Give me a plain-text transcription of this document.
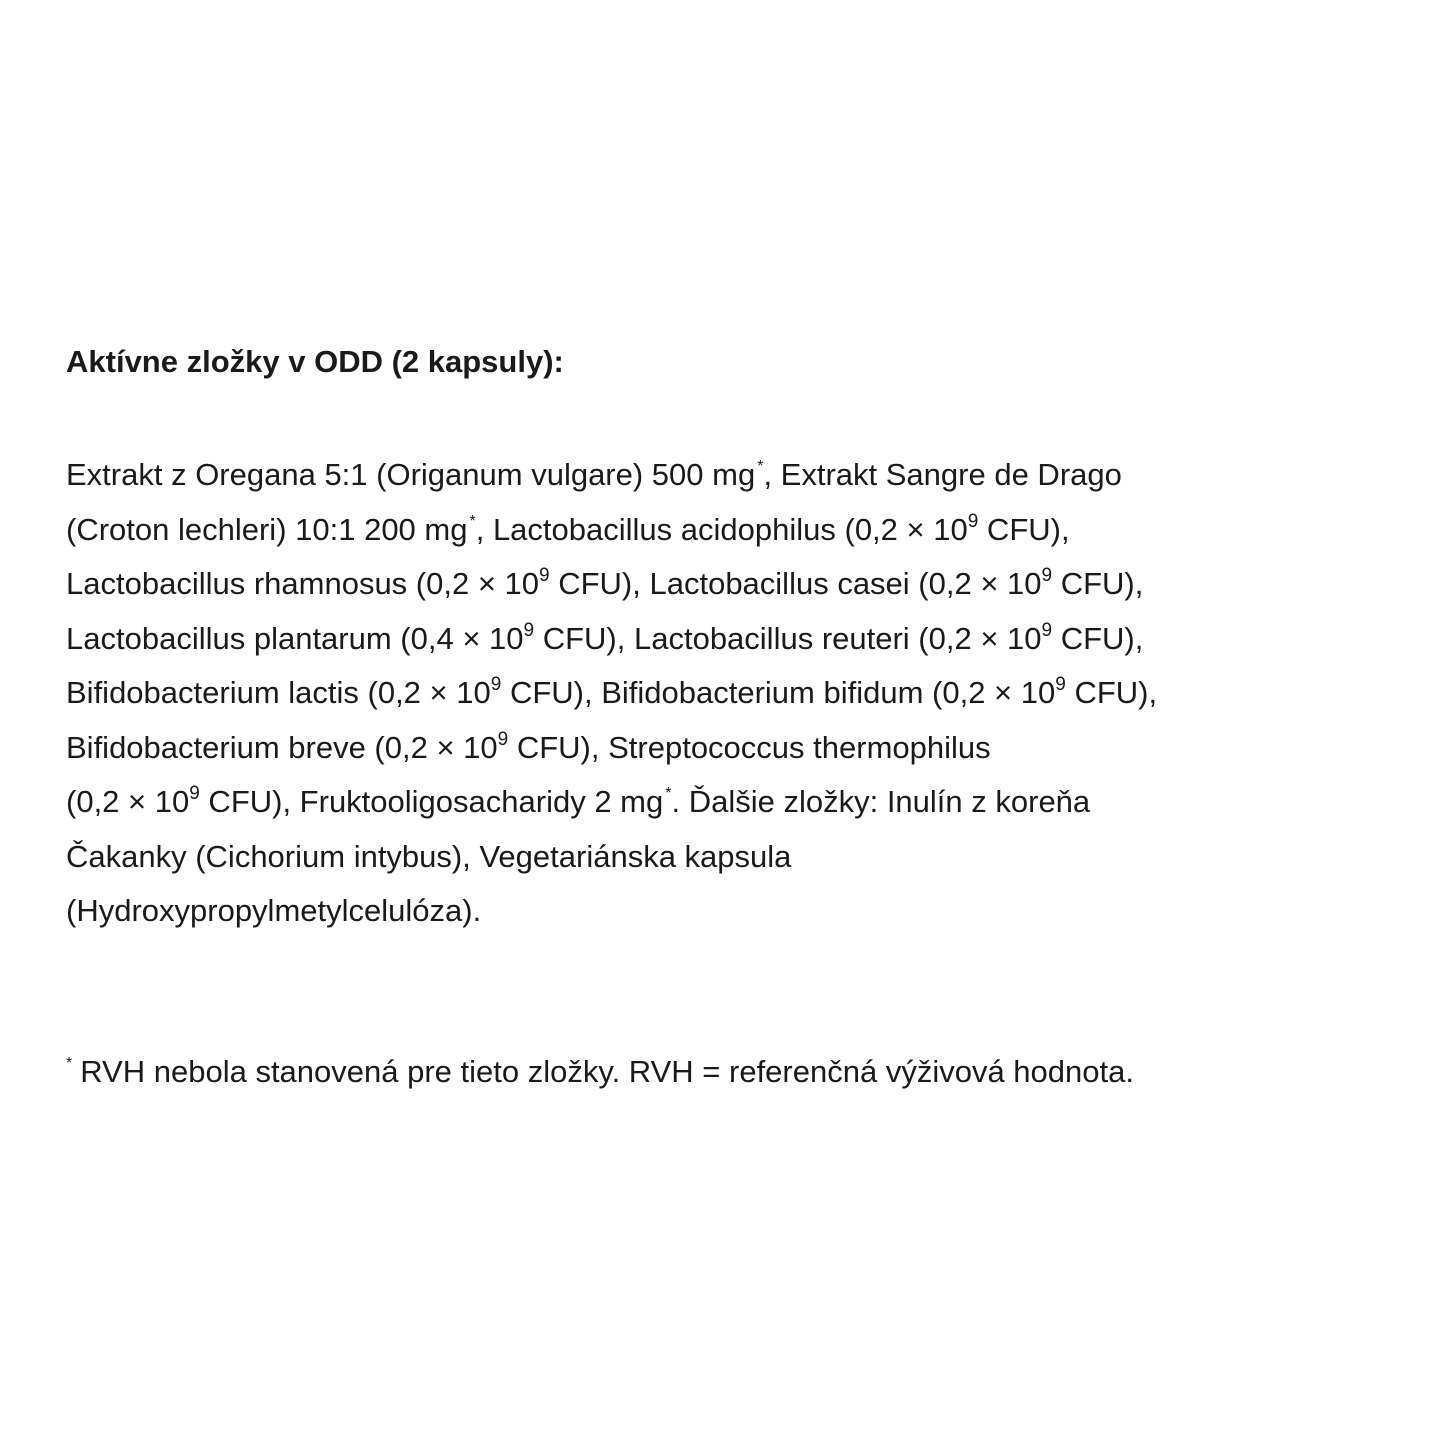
Aktívne zložky v ODD (2 kapsuly):

Extrakt z Oregana 5:1 (Origanum vulgare) 500 mg *, Extrakt Sangre de Drago
(Croton lechleri) 10:1 200 mg *, Lactobacillus acidophilus ($0,2 \times 10^9$ CFU),
Lactobacillus rhamnosus ($0,2 \times 10^9$ CFU), Lactobacillus casei ($0,2 \times 10^9$ CFU),
Lactobacillus plantarum ($0,4 \times 10^9$ CFU), Lactobacillus reuteri ($0,2 \times 10^9$ CFU),
Bifidobacterium lactis ($0,2 \times 10^9$ CFU), Bifidobacterium bifidum ($0,2 \times 10^9$ CFU),
Bifidobacterium breve ($0,2 \times 10^9$ CFU), Streptococcus thermophilus
($0,2 \times 10^9$ CFU), Fruktooligosacharidy 2 mg *. Ďalšie zložky: Inulín z koreňa
Čakanky (Cichorium intybus), Vegetariánska kapsula
(Hydroxypropylmetylcelulóza).

* RVH nebola stanovená pre tieto zložky. RVH = referenčná výživová hodnota.
